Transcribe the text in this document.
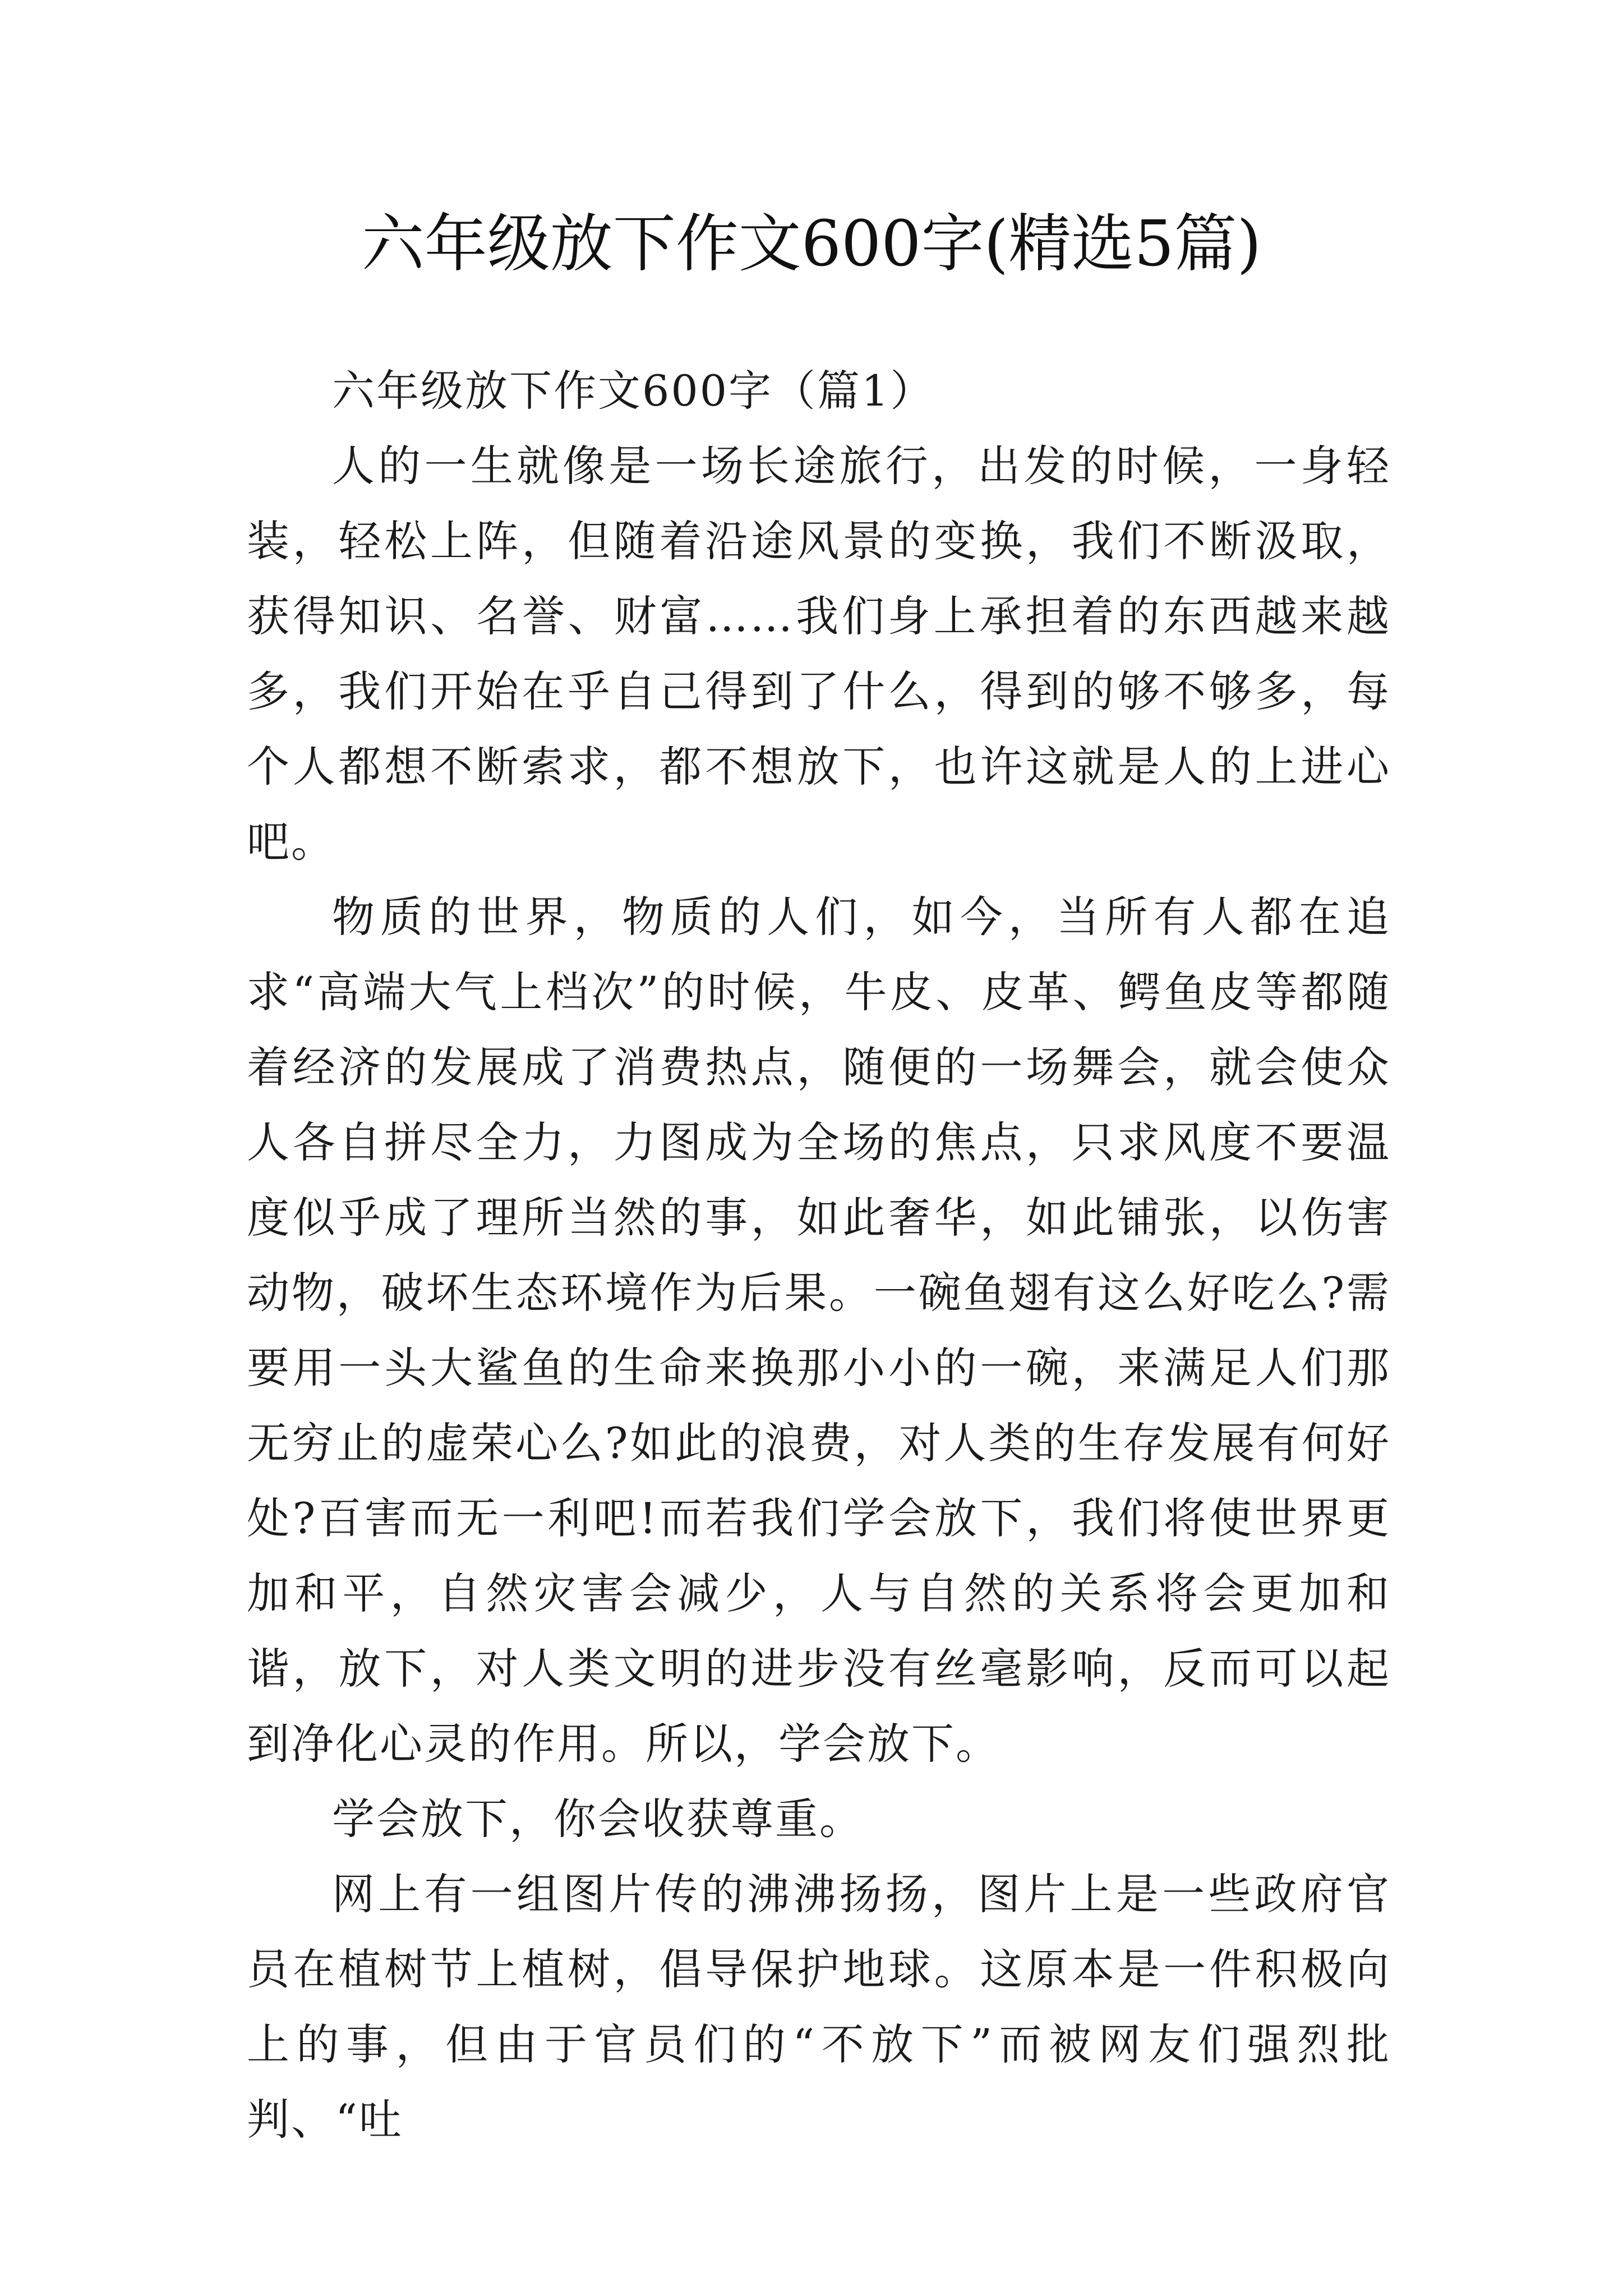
六年级放下作文600字(精选5篇)

六年级放下作文600字（篇1）

人的一生就像是一场长途旅行，出发的时候，一身轻装，轻松上阵，但随着沿途风景的变换，我们不断汲取，获得知识、名誉、财富……我们身上承担着的东西越来越多，我们开始在乎自己得到了什么，得到的够不够多，每个人都想不断索求，都不想放下，也许这就是人的上进心吧。

物质的世界，物质的人们，如今，当所有人都在追求“高端大气上档次”的时候，牛皮、皮革、鳄鱼皮等都随着经济的发展成了消费热点，随便的一场舞会，就会使众人各自拼尽全力，力图成为全场的焦点，只求风度不要温度似乎成了理所当然的事，如此奢华，如此铺张，以伤害动物，破坏生态环境作为后果。一碗鱼翅有这么好吃么?需要用一头大鲨鱼的生命来换那小小的一碗，来满足人们那无穷止的虚荣心么?如此的浪费，对人类的生存发展有何好处?百害而无一利吧!而若我们学会放下，我们将使世界更加和平，自然灾害会减少，人与自然的关系将会更加和谐，放下，对人类文明的进步没有丝毫影响，反而可以起到净化心灵的作用。所以，学会放下。

学会放下，你会收获尊重。

网上有一组图片传的沸沸扬扬，图片上是一些政府官员在植树节上植树，倡导保护地球。这原本是一件积极向上的事，但由于官员们的“不放下”而被网友们强烈批判、“吐
